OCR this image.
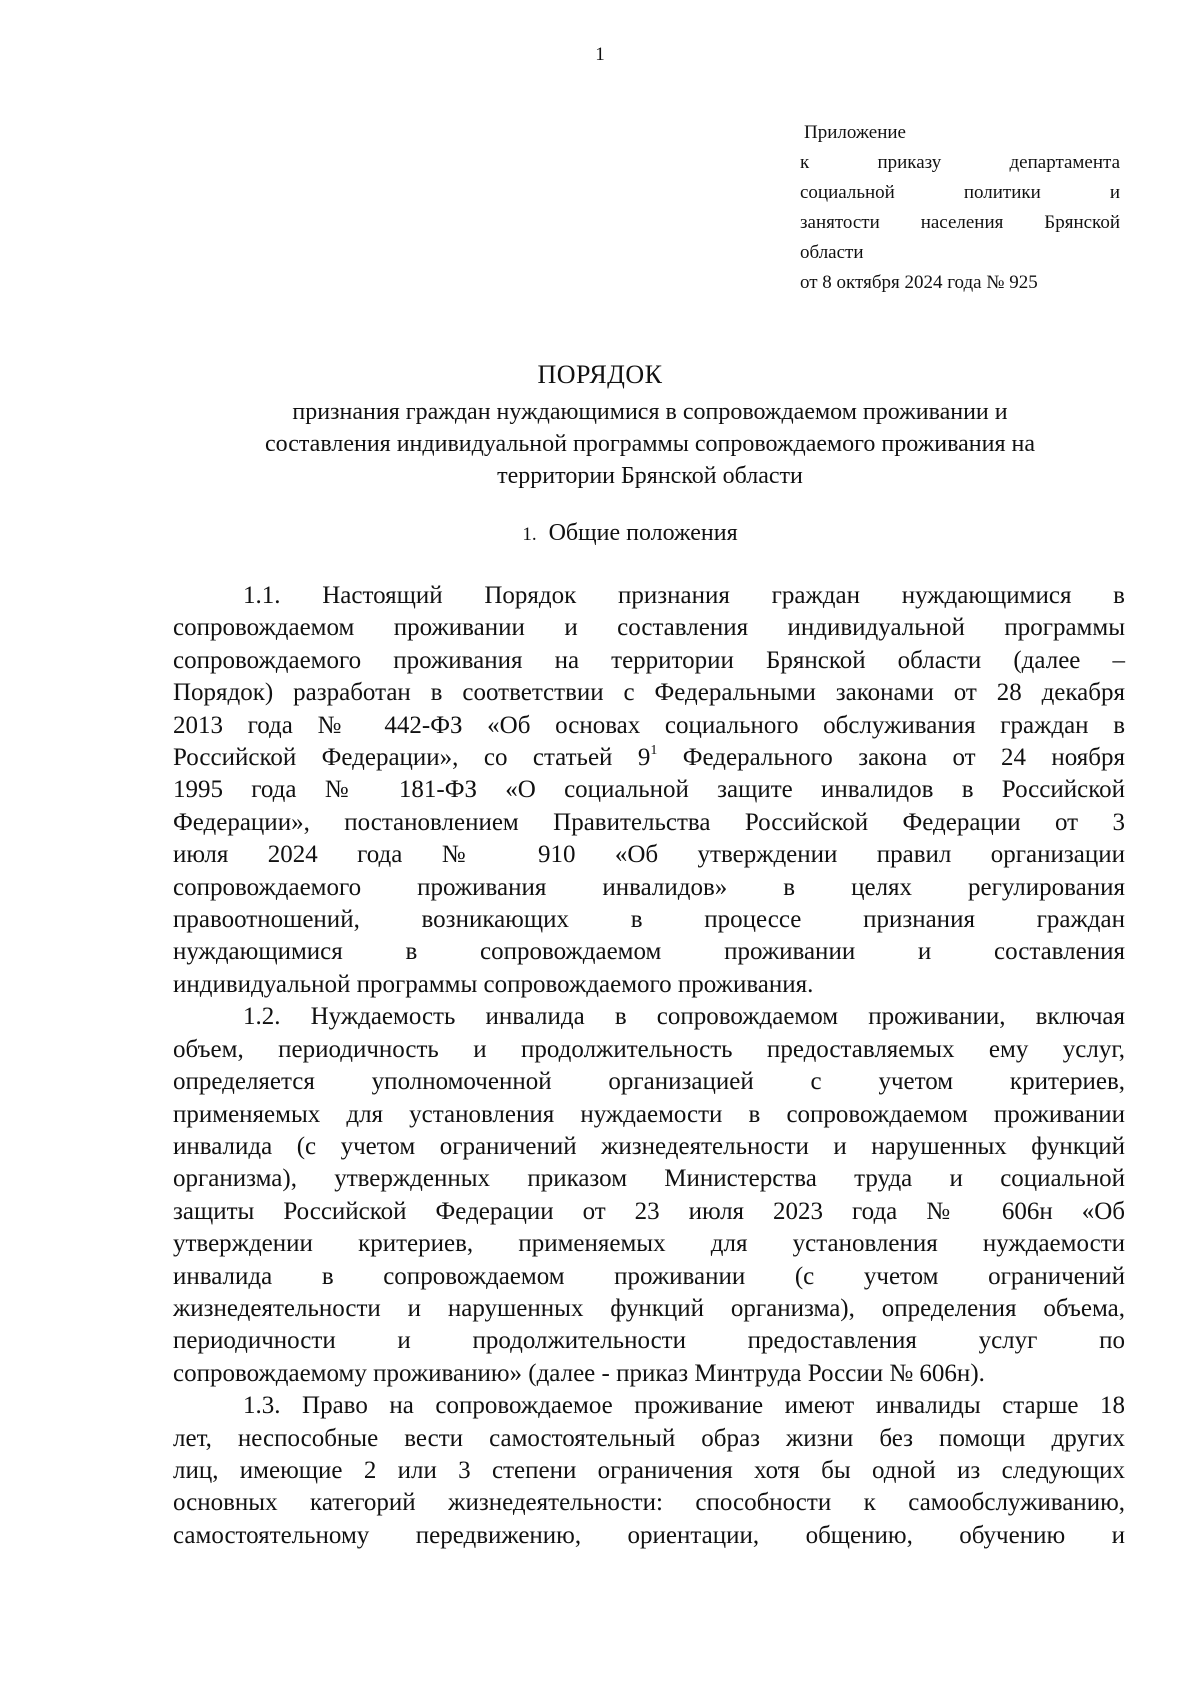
1
Приложение
к приказу департамента
социальной политики и
занятости населения Брянской
области
от 8 октября 2024 года № 925
ПОРЯДОК
признания граждан нуждающимися в сопровождаемом проживании и
составления индивидуальной программы сопровождаемого проживания на
территории Брянской области
1. Общие положения
1.1. Настоящий Порядок признания граждан нуждающимися в
сопровождаемом проживании и составления индивидуальной программы
сопровождаемого проживания на территории Брянской области (далее –
Порядок) разработан в соответствии с Федеральными законами от 28 декабря
2013 года № 442-ФЗ «Об основах социального обслуживания граждан в
Российской Федерации», со статьей $9^1$ Федерального закона от 24 ноября
1995 года № 181-ФЗ «О социальной защите инвалидов в Российской
Федерации», постановлением Правительства Российской Федерации от 3
июля 2024 года № 910 «Об утверждении правил организации
сопровождаемого проживания инвалидов» в целях регулирования
правоотношений, возникающих в процессе признания граждан
нуждающимися в сопровождаемом проживании и составления
индивидуальной программы сопровождаемого проживания.
1.2. Нуждаемость инвалида в сопровождаемом проживании, включая
объем, периодичность и продолжительность предоставляемых ему услуг,
определяется уполномоченной организацией с учетом критериев,
применяемых для установления нуждаемости в сопровождаемом проживании
инвалида (с учетом ограничений жизнедеятельности и нарушенных функций
организма), утвержденных приказом Министерства труда и социальной
защиты Российской Федерации от 23 июля 2023 года № 606н «Об
утверждении критериев, применяемых для установления нуждаемости
инвалида в сопровождаемом проживании (с учетом ограничений
жизнедеятельности и нарушенных функций организма), определения объема,
периодичности и продолжительности предоставления услуг по
сопровождаемому проживанию» (далее - приказ Минтруда России № 606н).
1.3. Право на сопровождаемое проживание имеют инвалиды старше 18
лет, неспособные вести самостоятельный образ жизни без помощи других
лиц, имеющие 2 или 3 степени ограничения хотя бы одной из следующих
основных категорий жизнедеятельности: способности к самообслуживанию,
самостоятельному передвижению, ориентации, общению, обучению и
